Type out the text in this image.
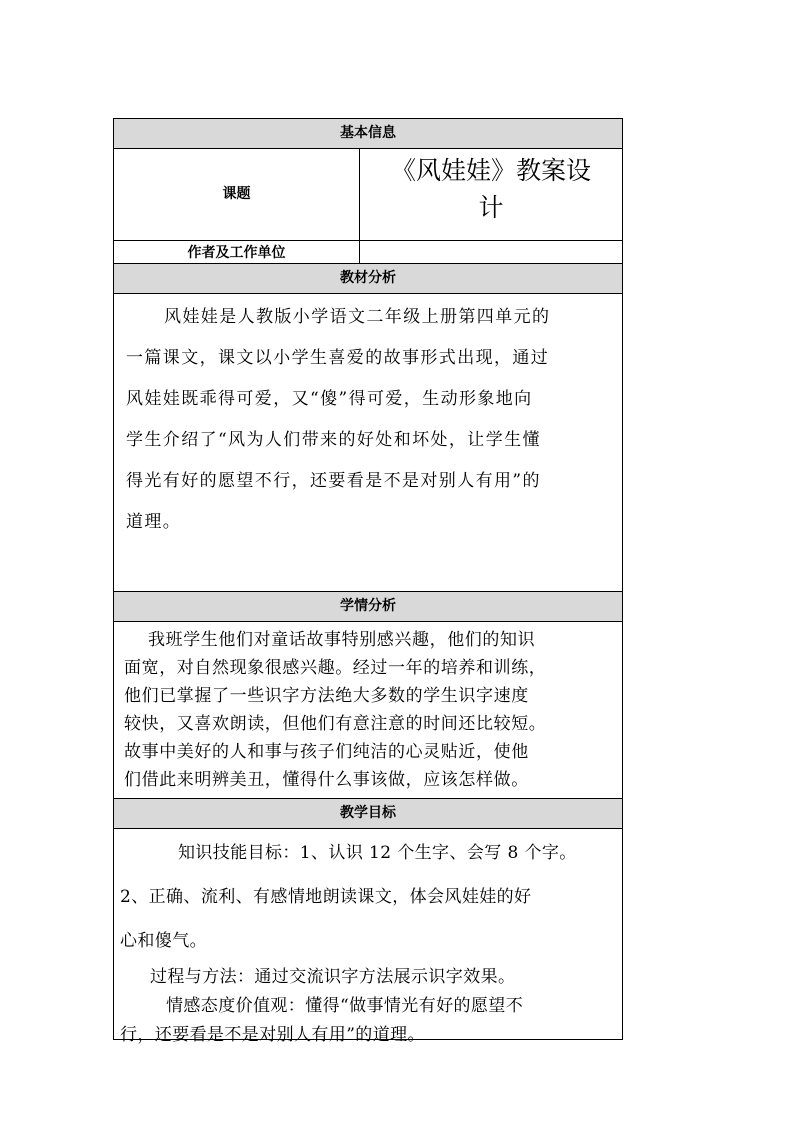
基本信息
课题
《风娃娃》教案设
计
作者及工作单位
教材分析
风娃娃是人教版小学语文二年级上册第四单元的
一篇课文，课文以小学生喜爱的故事形式出现，通过
风娃娃既乖得可爱，又“傻”得可爱，生动形象地向
学生介绍了“风为人们带来的好处和坏处，让学生懂
得光有好的愿望不行，还要看是不是对别人有用”的
道理。
学情分析
我班学生他们对童话故事特别感兴趣，他们的知识
面宽，对自然现象很感兴趣。经过一年的培养和训练，
他们已掌握了一些识字方法绝大多数的学生识字速度
较快，又喜欢朗读，但他们有意注意的时间还比较短。
故事中美好的人和事与孩子们纯洁的心灵贴近，使他
们借此来明辨美丑，懂得什么事该做，应该怎样做。
教学目标
知识技能目标：1、认识 12 个生字、会写 8 个字。
2、正确、流利、有感情地朗读课文，体会风娃娃的好
心和傻气。
过程与方法：通过交流识字方法展示识字效果。
情感态度价值观：懂得“做事情光有好的愿望不
行，还要看是不是对别人有用”的道理。
